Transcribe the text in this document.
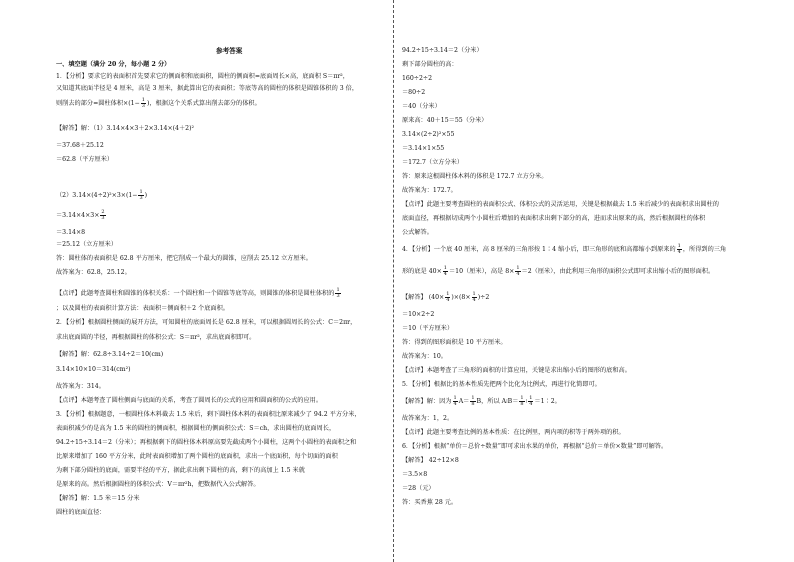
参考答案
一、填空题（满分 20 分，每小题 2 分）
1．【分析】要求它的表面积首先要求它的侧面积和底面积，圆柱的侧面积=底面周长×高，底面积 S＝πr²，
又知道其底面半径是 4 厘米，高是 3 厘米，据此算出它的表面积；等底等高的圆柱的体积是圆锥体积的 3 倍，
则削去的部分=圆柱体积$\times(1- \frac{1}{3}$ )，根据这个关系式算出削去部分的体积。
【解答】解：（1）3.14×4×3＋2×3.14×(4＋2)²
＝37.68＋25.12
＝62.8（平方厘米）
$(2)3.14\times(4\div 2)^2\times 3\times(1- \frac{1}{3}$ )
$=3.14\times 4\times 3\times \frac{2}{3}$
＝3.14×8
＝25.12（立方厘米）
答：圆柱体的表面积是 62.8 平方厘米，把它削成一个最大的圆锥，应削去 25.12 立方厘米。
故答案为：62.8，25.12。
【点评】此题考查圆柱和圆锥的体积关系：一个圆柱和一个圆锥等底等高，则圆锥的体积是圆柱体积的 $\frac{1}{3}$
；以及圆柱的表面积计算方法：表面积＝侧面积＋2 个底面积。
2．【分析】根据圆柱侧面的展开方法，可知圆柱的底面周长是 62.8 厘米，可以根据圆周长的公式：C＝2πr，
求出底面圆的半径，再根据圆柱的体积公式：S＝πr²，求出底面积即可。
【解答】解：62.8÷3.14÷2＝10(cm)
3.14×10×10＝314(cm²)
故答案为：314。
【点评】本题考查了圆柱侧面与底面的关系，考查了圆周长的公式的应用和圆面积的公式的应用。
3．【分析】根据题意，一根圆柱体木料截去 1.5 米后，剩下圆柱体木料的表面积比原来减少了 94.2 平方分米，
表面积减少的是高为 1.5 米的圆柱的侧面积，根据圆柱的侧面积公式：S＝ch，求出圆柱的底面周长，
94.2÷15÷3.14＝2（分米）；再根据剩下的圆柱体木料原高要先截成两个小圆柱，这两个小圆柱的表面积之和
比原来增加了 160 平方分米，此时表面积增加了两个圆柱的底面积，求出一个底面积，每个切面的面积
为剩下部分圆柱的底面，需要半径的平方，据此求出剩下圆柱的高，剩下的高加上 1.5 米就
是原来的高。然后根据圆柱的体积公式：V＝πr²h，把数据代入公式解答。
【解答】解：1.5 米＝15 分米
圆柱的底面直径：
94.2÷15÷3.14＝2（分米）
剩下部分圆柱的高：
160÷2÷2
＝80÷2
＝40（分米）
原来高：40＋15＝55（分米）
3.14×(2÷2)²×55
＝3.14×1×55
＝172.7（立方分米）
答：原来这根圆柱体木料的体积是 172.7 立方分米。
故答案为：172.7。
【点评】此题主要考查圆柱的表面积公式、体积公式的灵活运用，关键是根据截去 1.5 米后减少的表面积求出圆柱的
底面直径，再根据切成两个小圆柱后增加的表面积求出剩下部分的高，进而求出原来的高，然后根据圆柱的体积
公式解答。
4．【分析】一个底 40 厘米，高 8 厘米的三角形按 1∶4 缩小后，即三角形的底和高都缩小到原来的 $\frac{1}{4}$ ，所得到的三角
形的底是 $40\times \frac{1}{4} =10$（厘米），高是 $8\times \frac{1}{4} =2$（厘米），由此利用三角形的面积公式即可求出缩小后的图形面积。
【解答】 $(40\times \frac{1}{4} )\times(8\times \frac{1}{4} )\div 2$
＝10×2÷2
＝10（平方厘米）
答：得到的图形面积是 10 平方厘米。
故答案为：10。
【点评】本题考查了三角形的面积的计算应用，关键是求出缩小后的图形的底和高。
5．【分析】根据比的基本性质先把两个比化为比例式，再进行化简即可。
【解答】解：因为 $\frac{1}{4} A= \frac{1}{8}$ B，所以 A∶B＝ $\frac{1}{8}$ ∶ $\frac{1}{4}$ ＝1∶2。
故答案为：1，2。
【点评】此题主要考查比例的基本性质：在比例里，两内项的积等于两外项的积。
6．【分析】根据“单价＝总价÷数量”即可求出水果的单价，再根据“总价＝单价×数量”即可解答。
【解答】 42÷12×8
＝3.5×8
＝28（元）
答：买香蕉 28 元。
